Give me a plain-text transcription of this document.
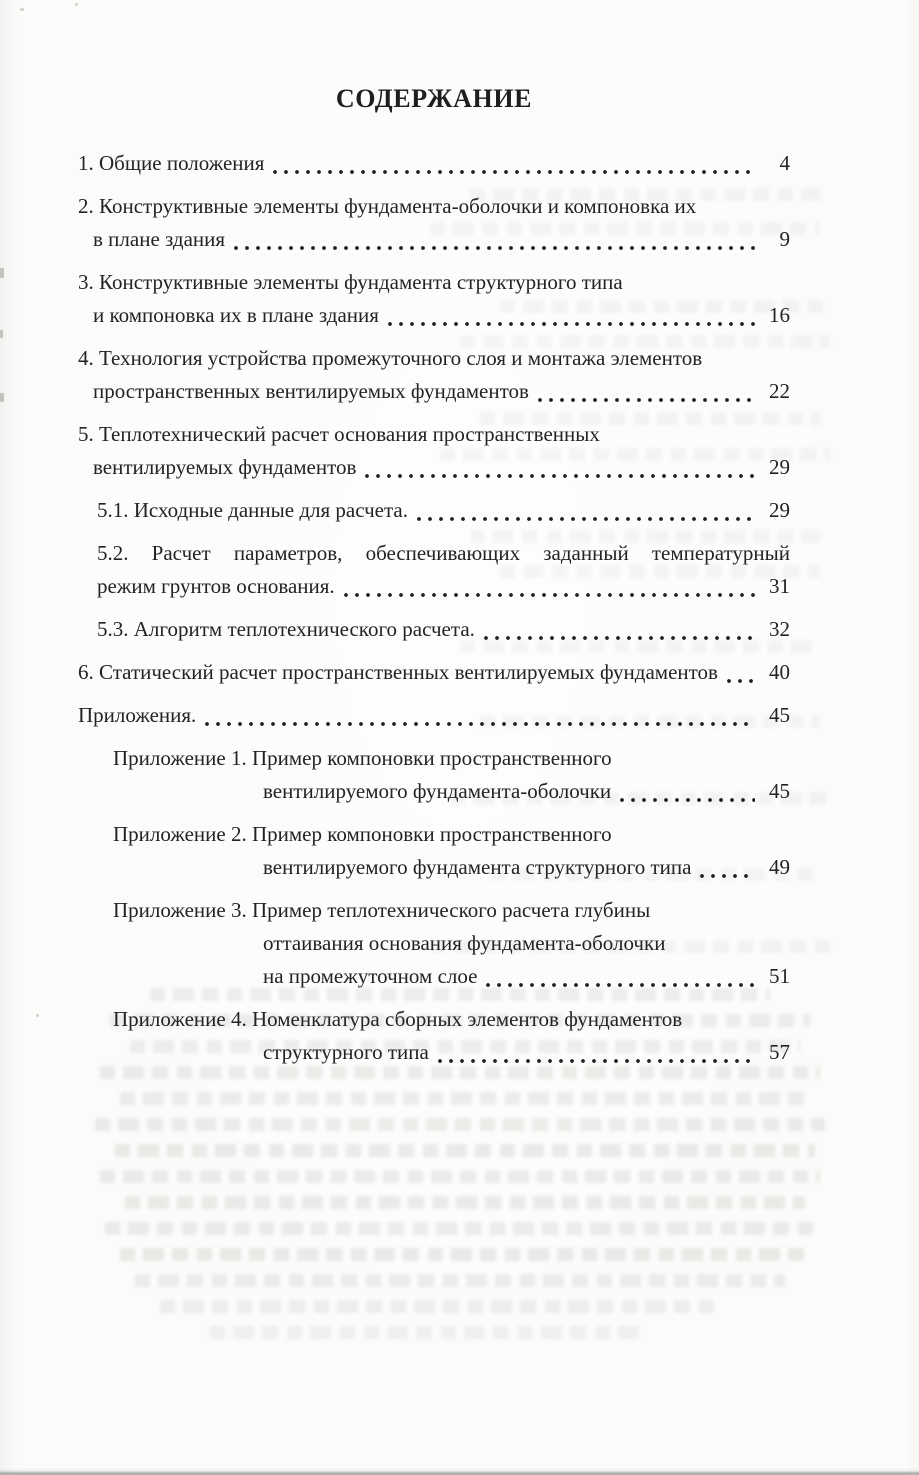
СОДЕРЖАНИЕ
1. Общие положения	4
2. Конструктивные элементы фундамента-оболочки и компоновка их
в плане здания	9
3. Конструктивные элементы фундамента структурного типа
и компоновка их в плане здания	16
4. Технология устройства промежуточного слоя и монтажа элементов
пространственных вентилируемых фундаментов	22
5. Теплотехнический расчет основания пространственных
вентилируемых фундаментов	29
5.1. Исходные данные для расчета.	29
5.2. Расчет параметров, обеспечивающих заданный температурный
режим грунтов основания.	31
5.3. Алгоритм теплотехнического расчета.	32
6. Статический расчет пространственных вентилируемых фундаментов 40
Приложения.	45
Приложение 1. Пример компоновки пространственного
вентилируемого фундамента-оболочки	45
Приложение 2. Пример компоновки пространственного
вентилируемого фундамента структурного типа	49
Приложение 3. Пример теплотехнического расчета глубины
оттаивания основания фундамента-оболочки
на промежуточном слое	51
Приложение 4. Номенклатура сборных элементов фундаментов
структурного типа	57
